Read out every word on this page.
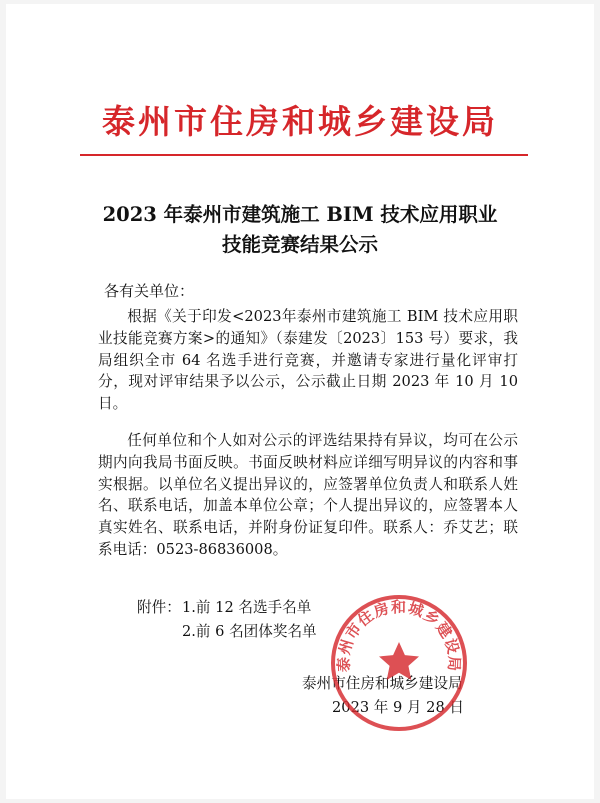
泰州市住房和城乡建设局
2023 年泰州市建筑施工 BIM 技术应用职业
技能竞赛结果公示
各有关单位：
根据《关于印发<2023年泰州市建筑施工 BIM 技术应用职业技能竞赛方案>的通知》（泰建发〔2023〕153 号）要求，我局组织全市 64 名选手进行竞赛，并邀请专家进行量化评审打分，现对评审结果予以公示，公示截止日期 2023 年 10 月 10 日。
任何单位和个人如对公示的评选结果持有异议，均可在公示期内向我局书面反映。书面反映材料应详细写明异议的内容和事实根据。以单位名义提出异议的，应签署单位负责人和联系人姓名、联系电话，加盖本单位公章；个人提出异议的，应签署本人真实姓名、联系电话，并附身份证复印件。联系人：乔艾艺；联系电话：0523-86836008。
附件： 1.前 12 名选手名单
2.前 6 名团体奖名单
泰州市住房和城乡建设局
2023 年 9 月 28 日
泰州市住房和城乡建设局
